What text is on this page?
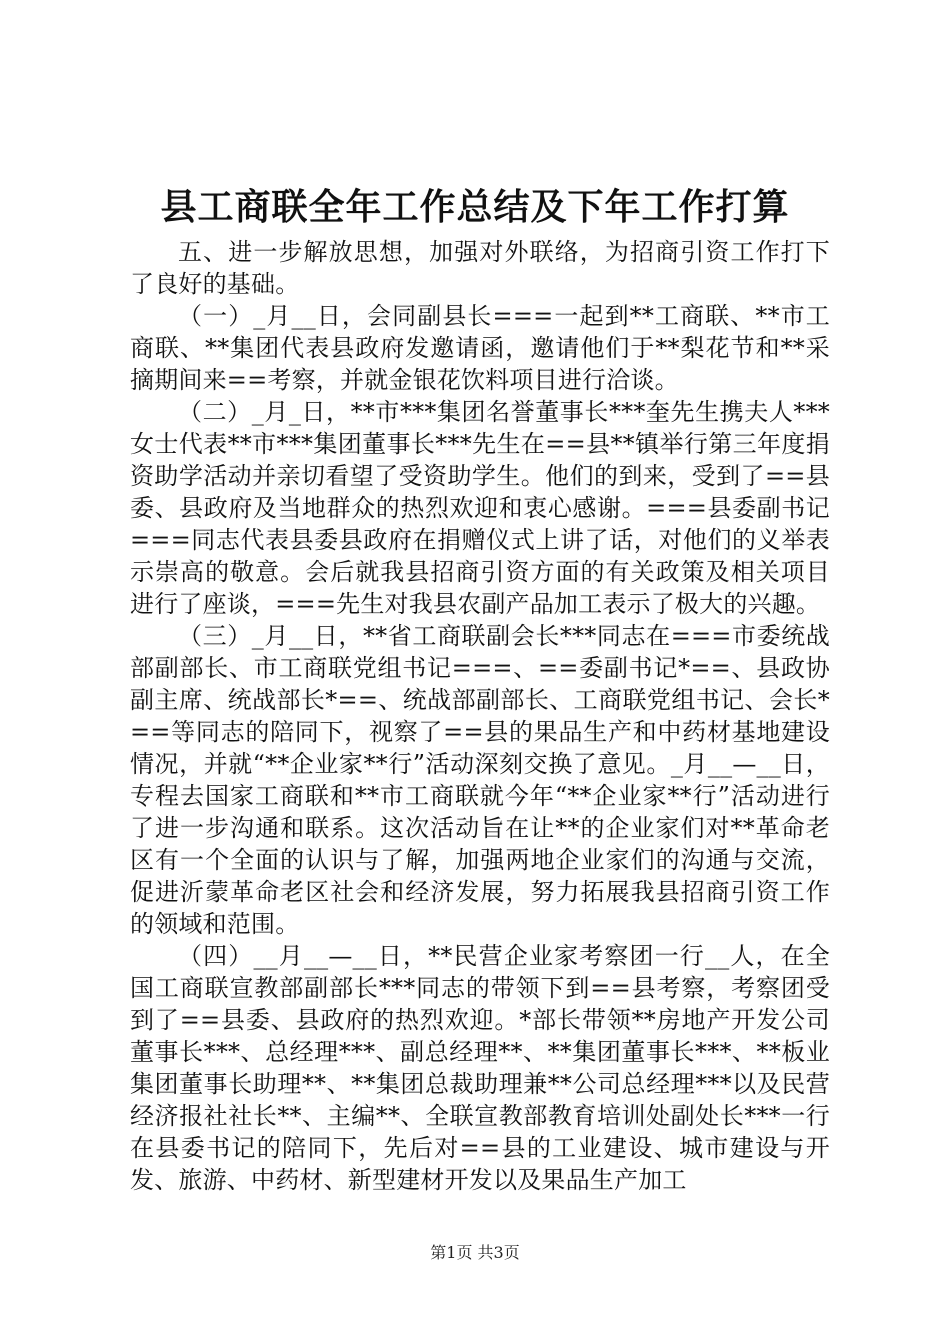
县工商联全年工作总结及下年工作打算

五、进一步解放思想，加强对外联络，为招商引资工作打下了良好的基础。

（一）_月__日，会同副县长===一起到**工商联、**市工商联、**集团代表县政府发邀请函，邀请他们于**梨花节和**采摘期间来==考察，并就金银花饮料项目进行洽谈。

（二）_月_日，**市***集团名誉董事长***奎先生携夫人***女士代表**市***集团董事长***先生在==县**镇举行第三年度捐资助学活动并亲切看望了受资助学生。他们的到来，受到了==县委、县政府及当地群众的热烈欢迎和衷心感谢。===县委副书记===同志代表县委县政府在捐赠仪式上讲了话，对他们的义举表示崇高的敬意。会后就我县招商引资方面的有关政策及相关项目进行了座谈，===先生对我县农副产品加工表示了极大的兴趣。

（三）_月__日，**省工商联副会长***同志在===市委统战部副部长、市工商联党组书记===、==委副书记*==、县政协副主席、统战部长*==、统战部副部长、工商联党组书记、会长*==等同志的陪同下，视察了==县的果品生产和中药材基地建设情况，并就“**企业家**行”活动深刻交换了意见。_月__—__日，专程去国家工商联和**市工商联就今年“**企业家**行”活动进行了进一步沟通和联系。这次活动旨在让**的企业家们对**革命老区有一个全面的认识与了解，加强两地企业家们的沟通与交流，促进沂蒙革命老区社会和经济发展，努力拓展我县招商引资工作的领域和范围。

（四）__月__—__日，**民营企业家考察团一行__人，在全国工商联宣教部副部长***同志的带领下到==县考察，考察团受到了==县委、县政府的热烈欢迎。*部长带领**房地产开发公司董事长***、总经理***、副总经理**、**集团董事长***、**板业集团董事长助理**、**集团总裁助理兼**公司总经理***以及民营经济报社社长**、主编**、全联宣教部教育培训处副处长***一行在县委书记的陪同下，先后对==县的工业建设、城市建设与开发、旅游、中药材、新型建材开发以及果品生产加工

第1页 共3页
